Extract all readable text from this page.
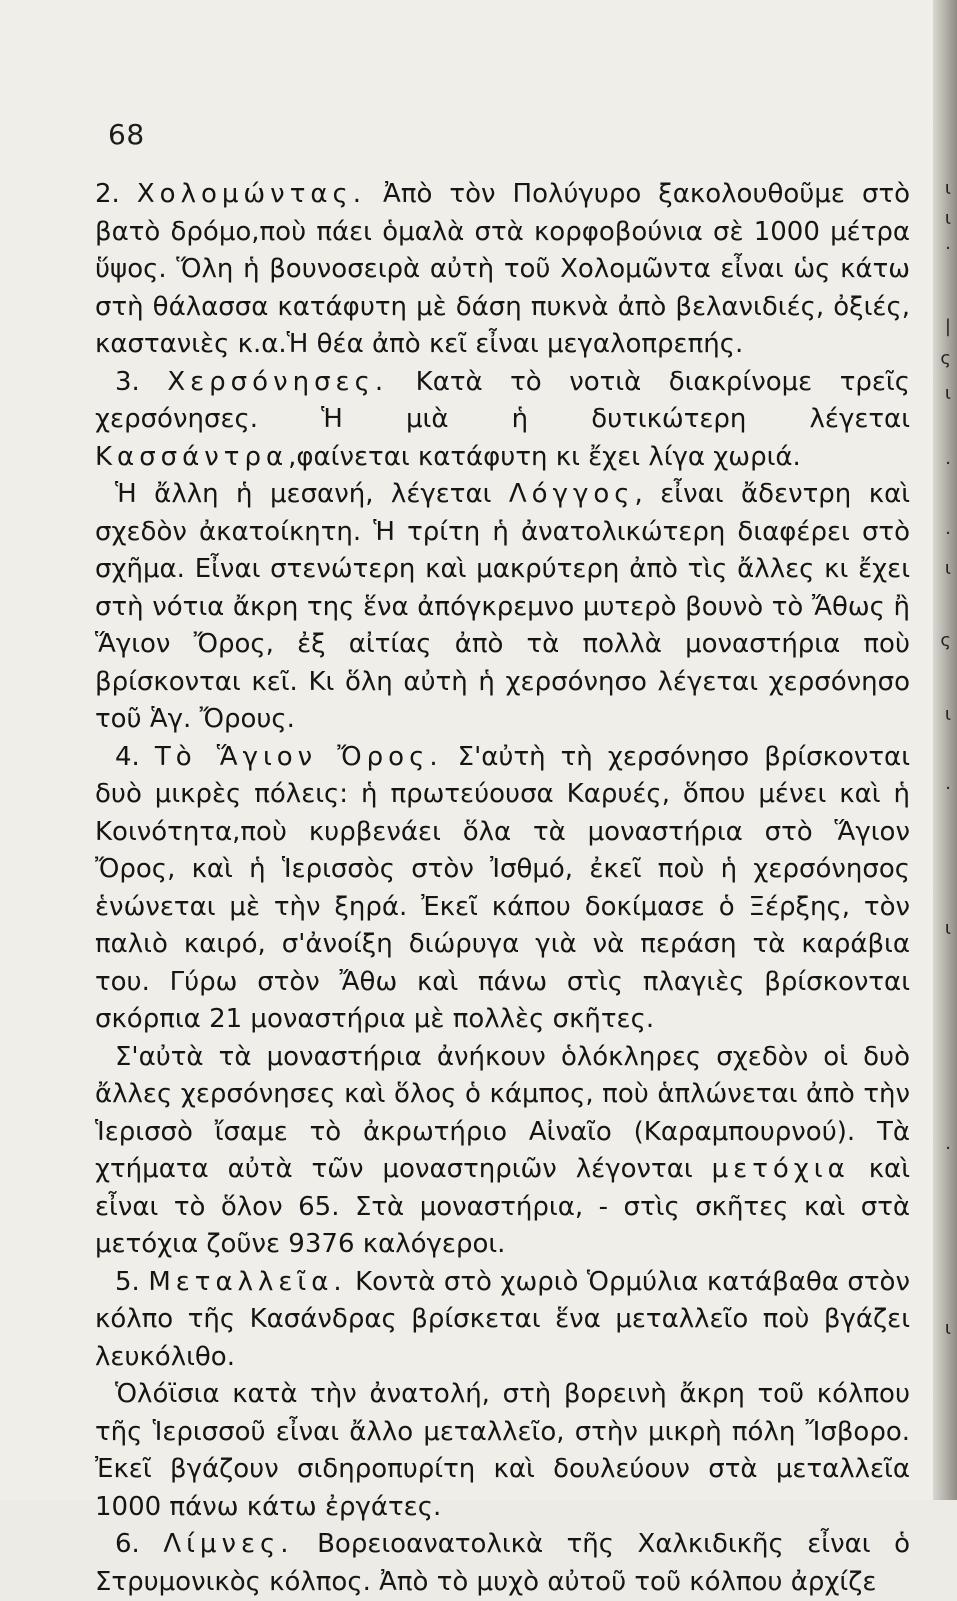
ι
ι
·
|
ς
ι
·
·
ι
ς
ι
·
ι
·
ι
68

2. Χολομώντας. Ἀπὸ τὸν Πολύγυρο ξακολουθοῦμε στὸ βατὸ δρόμο,ποὺ πάει ὁμαλὰ στὰ κορφοβούνια σὲ 1000 μέτρα ὕψος. Ὅλη ἡ βουνοσειρὰ αὐτὴ τοῦ Χολομῶντα εἶναι ὡς κάτω στὴ θάλασσα κατάφυτη μὲ δάση πυκνὰ ἀπὸ βελανιδιές, ὀξιές, καστανιὲς κ.α.Ἡ θέα ἀπὸ κεῖ εἶναι μεγαλοπρεπής.

3. Χερσόνησες. Κατὰ τὸ νοτιὰ διακρίνομε τρεῖς χερσόνησες. Ἡ μιὰ ἡ δυτικώτερη λέγεται Κασσάντρα,φαίνεται κατάφυτη κι ἔχει λίγα χωριά.

Ἡ ἄλλη ἡ μεσανή, λέγεται Λόγγος, εἶναι ἄδεντρη καὶ σχεδὸν ἀκατοίκητη. Ἡ τρίτη ἡ ἀνατολικώτερη διαφέρει στὸ σχῆμα. Εἶναι στενώτερη καὶ μακρύτερη ἀπὸ τὶς ἄλλες κι ἔχει στὴ νότια ἄκρη της ἕνα ἀπόγκρεμνο μυτερὸ βουνὸ τὸ Ἄθως ἢ Ἅγιον Ὄρος, ἐξ αἰτίας ἀπὸ τὰ πολλὰ μοναστήρια ποὺ βρίσκονται κεῖ. Κι ὅλη αὐτὴ ἡ χερσόνησο λέγεται χερσόνησο τοῦ Ἁγ. Ὄρους.

4. Τὸ Ἅγιον Ὄρος. Σ'αὐτὴ τὴ χερσόνησο βρίσκονται δυὸ μικρὲς πόλεις: ἡ πρωτεύουσα Καρυές, ὅπου μένει καὶ ἡ Κοινότητα,ποὺ κυρβενάει ὅλα τὰ μοναστήρια στὸ Ἅγιον Ὄρος, καὶ ἡ Ἱερισσὸς στὸν Ἰσθμό, ἐκεῖ ποὺ ἡ χερσόνησος ἑνώνεται μὲ τὴν ξηρά. Ἐκεῖ κάπου δοκίμασε ὁ Ξέρξης, τὸν παλιὸ καιρό, σ'ἀνοίξη διώρυγα γιὰ νὰ περάση τὰ καράβια του. Γύρω στὸν Ἄθω καὶ πάνω στὶς πλαγιὲς βρίσκονται σκόρπια 21 μοναστήρια μὲ πολλὲς σκῆτες.

Σ'αὐτὰ τὰ μοναστήρια ἀνήκουν ὁλόκληρες σχεδὸν οἱ δυὸ ἄλλες χερσόνησες καὶ ὅλος ὁ κάμπος, ποὺ ἁπλώνεται ἀπὸ τὴν Ἱερισσὸ ἴσαμε τὸ ἀκρωτήριο Αἰναῖο (Καραμπουρνού). Τὰ χτήματα αὐτὰ τῶν μοναστηριῶν λέγονται μετόχια καὶ εἶναι τὸ ὅλον 65. Στὰ μοναστήρια, - στὶς σκῆτες καὶ στὰ μετόχια ζοῦνε 9376 καλόγεροι.

5. Μεταλλεῖα. Κοντὰ στὸ χωριὸ Ὁρμύλια κατάβαθα στὸν κόλπο τῆς Κασάνδρας βρίσκεται ἕνα μεταλλεῖο ποὺ βγάζει λευκόλιθο.

Ὁλόϊσια κατὰ τὴν ἀνατολή, στὴ βορεινὴ ἄκρη τοῦ κόλπου τῆς Ἱερισσοῦ εἶναι ἄλλο μεταλλεῖο, στὴν μικρὴ πόλη Ἴσβορο. Ἐκεῖ βγάζουν σιδηροπυρίτη καὶ δουλεύουν στὰ μεταλλεῖα 1000 πάνω κάτω ἐργάτες.

6. Λίμνες. Βορειοανατολικὰ τῆς Χαλκιδικῆς εἶναι ὁ Στρυμονικὸς κόλπος. Ἀπὸ τὸ μυχὸ αὐτοῦ τοῦ κόλπου ἀρχίζε
